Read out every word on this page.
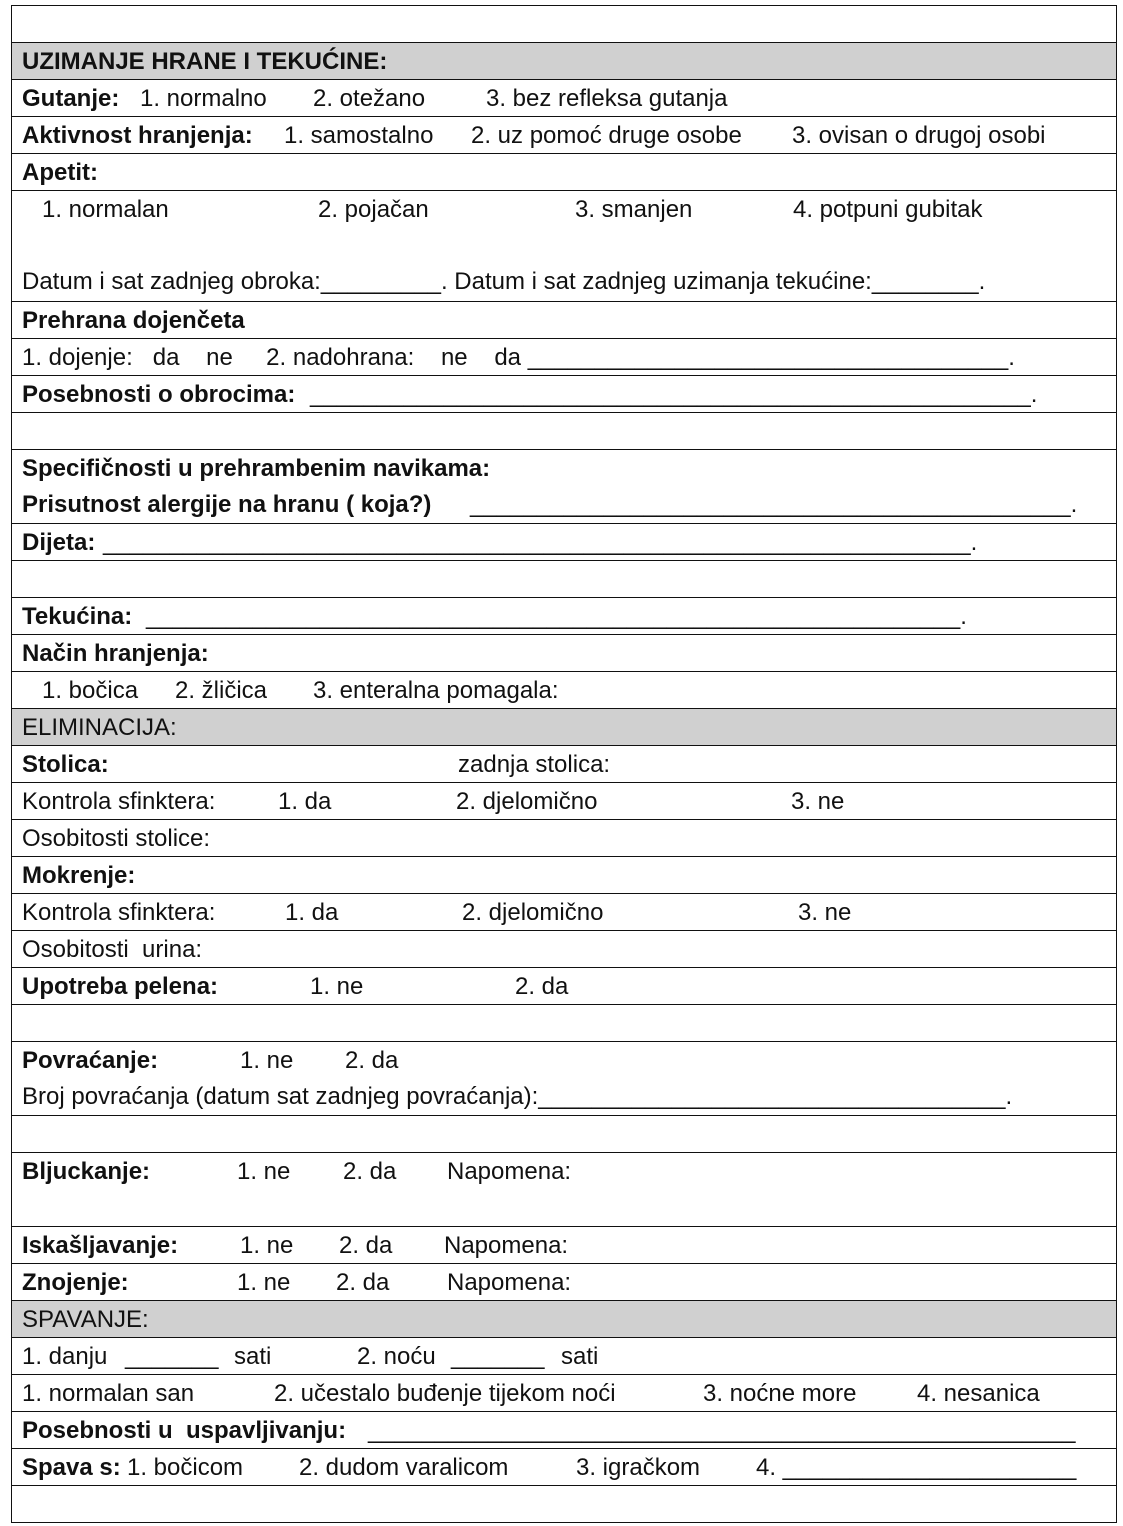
UZIMANJE HRANE I TEKUĆINE:
Gutanje: 1. normalno 2. otežano	3. bez refleksa gutanja
Aktivnost hranjenja: 1. samostalno 2. uz pomoć druge osobe 3. ovisan o drugoj osobi
Apetit:
1. normalan	2. pojačan	3. smanjen	4. potpuni gubitak
Datum i sat zadnjeg obroka:_________. Datum i sat zadnjeg uzimanja tekućine:________.
Prehrana dojenčeta
1. dojenje:   da    ne     2. nadohrana:    ne    da ____________________________________.
Posebnosti o obrocima: ______________________________________________________.
Specifičnosti u prehrambenim navikama:
Prisutnost alergije na hranu ( koja?) _____________________________________________.
Dijeta: _________________________________________________________________.
Tekućina: _____________________________________________________________.
Način hranjenja:
1. bočica 2. žličica 3. enteralna pomagala:
ELIMINACIJA:
Stolica:	zadnja stolica:
Kontrola sfinktera:	1. da	2. djelomično	3. ne
Osobitosti stolice:
Mokrenje:
Kontrola sfinktera:	1. da	2. djelomično	3. ne
Osobitosti  urina:
Upotreba pelena:	1. ne	2. da
Povraćanje:	1. ne 2. da
Broj povraćanja (datum sat zadnjeg povraćanja):___________________________________.
Bljuckanje:	1. ne 2. da Napomena:
Iskašljavanje:	1. ne 2. da Napomena:
Znojenje:	1. ne 2. da Napomena:
SPAVANJE:
1. danju _______ sati	2. noću _______ sati
1. normalan san	2. učestalo buđenje tijekom noći	3. noćne more	4. nesanica
Posebnosti u  uspavljivanju: _____________________________________________________
Spava s: 1. bočicom 2. dudom varalicom	3. igračkom 4. ______________________
